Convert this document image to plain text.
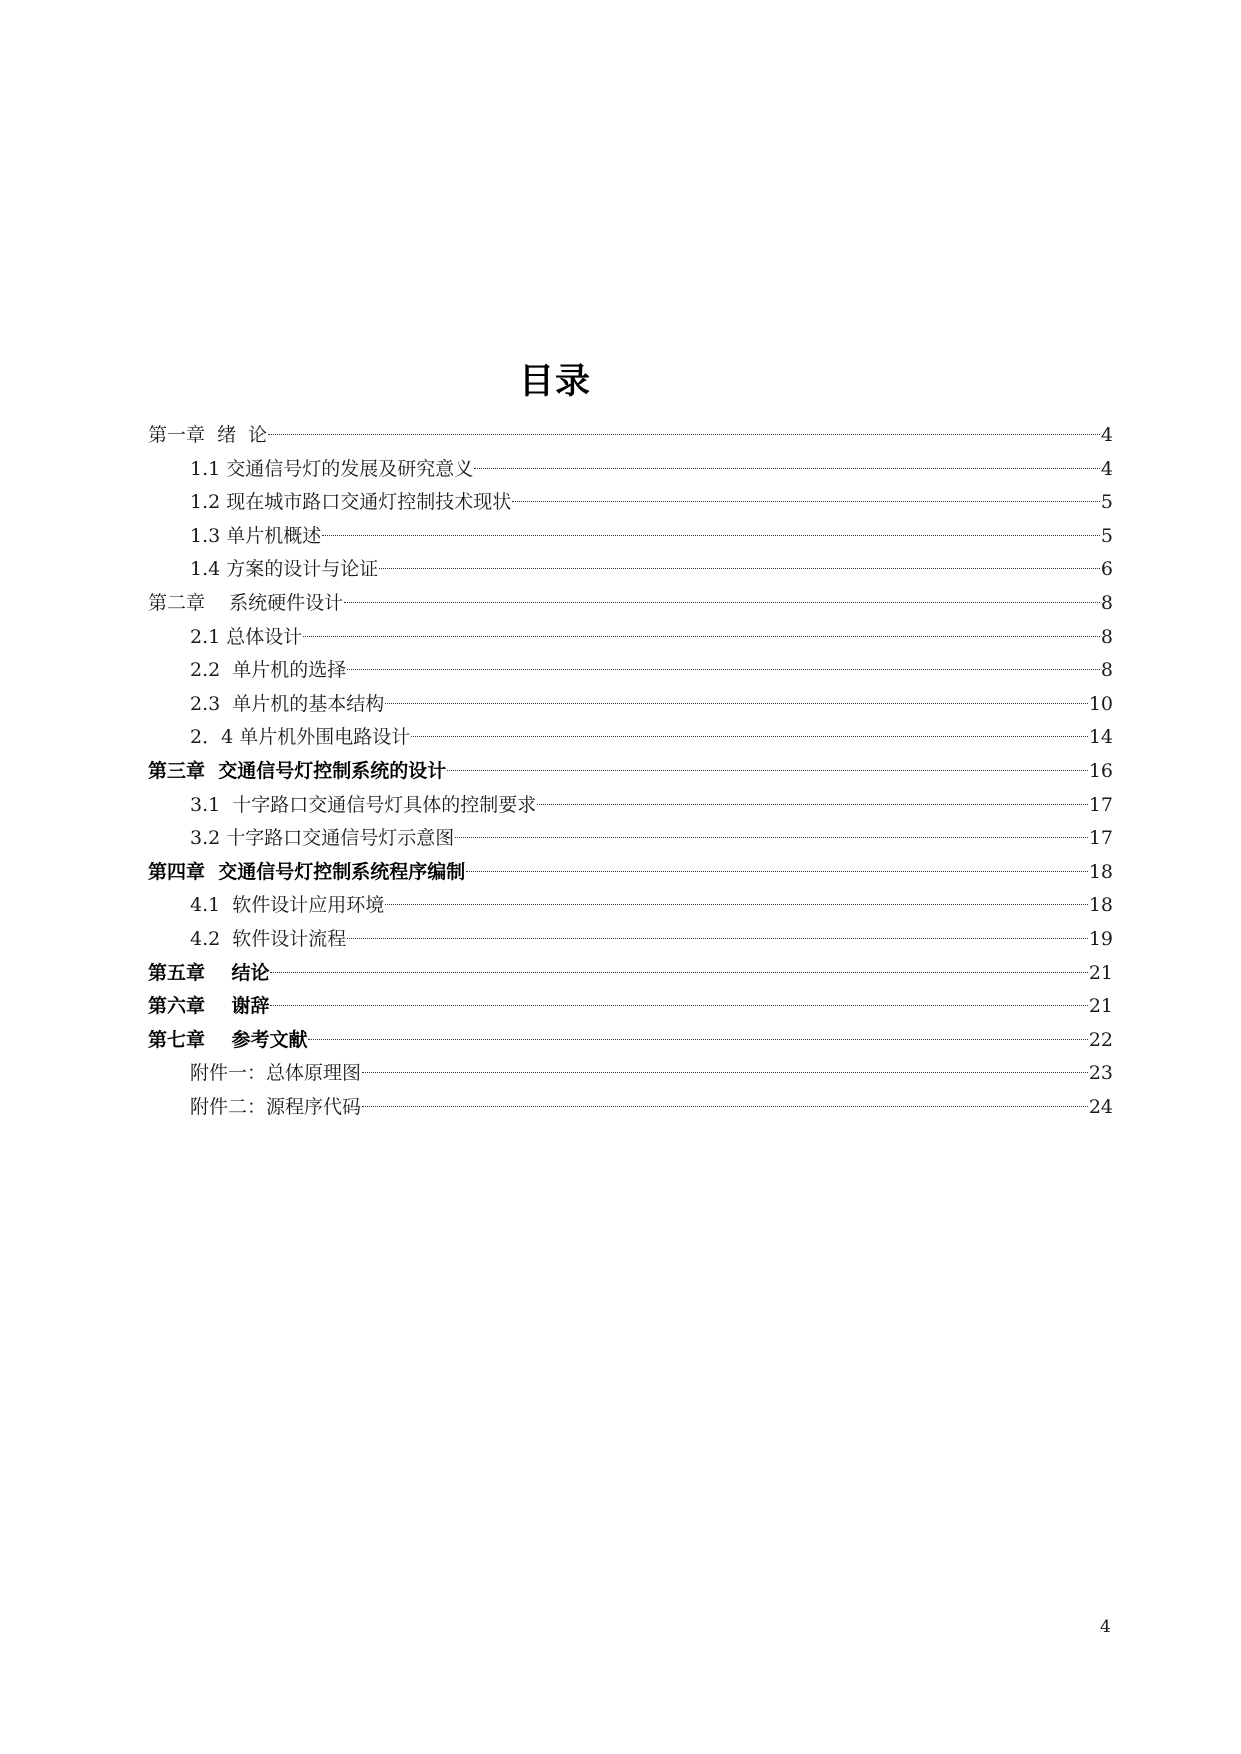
目录
第一章  绪  论	4
1.1 交通信号灯的发展及研究意义	4
1.2 现在城市路口交通灯控制技术现状	5
1.3 单片机概述	5
1.4 方案的设计与论证	6
第二章    系统硬件设计	8
2.1 总体设计	8
2.2  单片机的选择	8
2.3  单片机的基本结构	10
2．4 单片机外围电路设计	14
第三章  交通信号灯控制系统的设计	16
3.1  十字路口交通信号灯具体的控制要求	17
3.2 十字路口交通信号灯示意图	17
第四章  交通信号灯控制系统程序编制	18
4.1  软件设计应用环境	18
4.2  软件设计流程	19
第五章    结论	21
第六章    谢辞	21
第七章    参考文献	22
附件一：总体原理图	23
附件二：源程序代码	24
4
